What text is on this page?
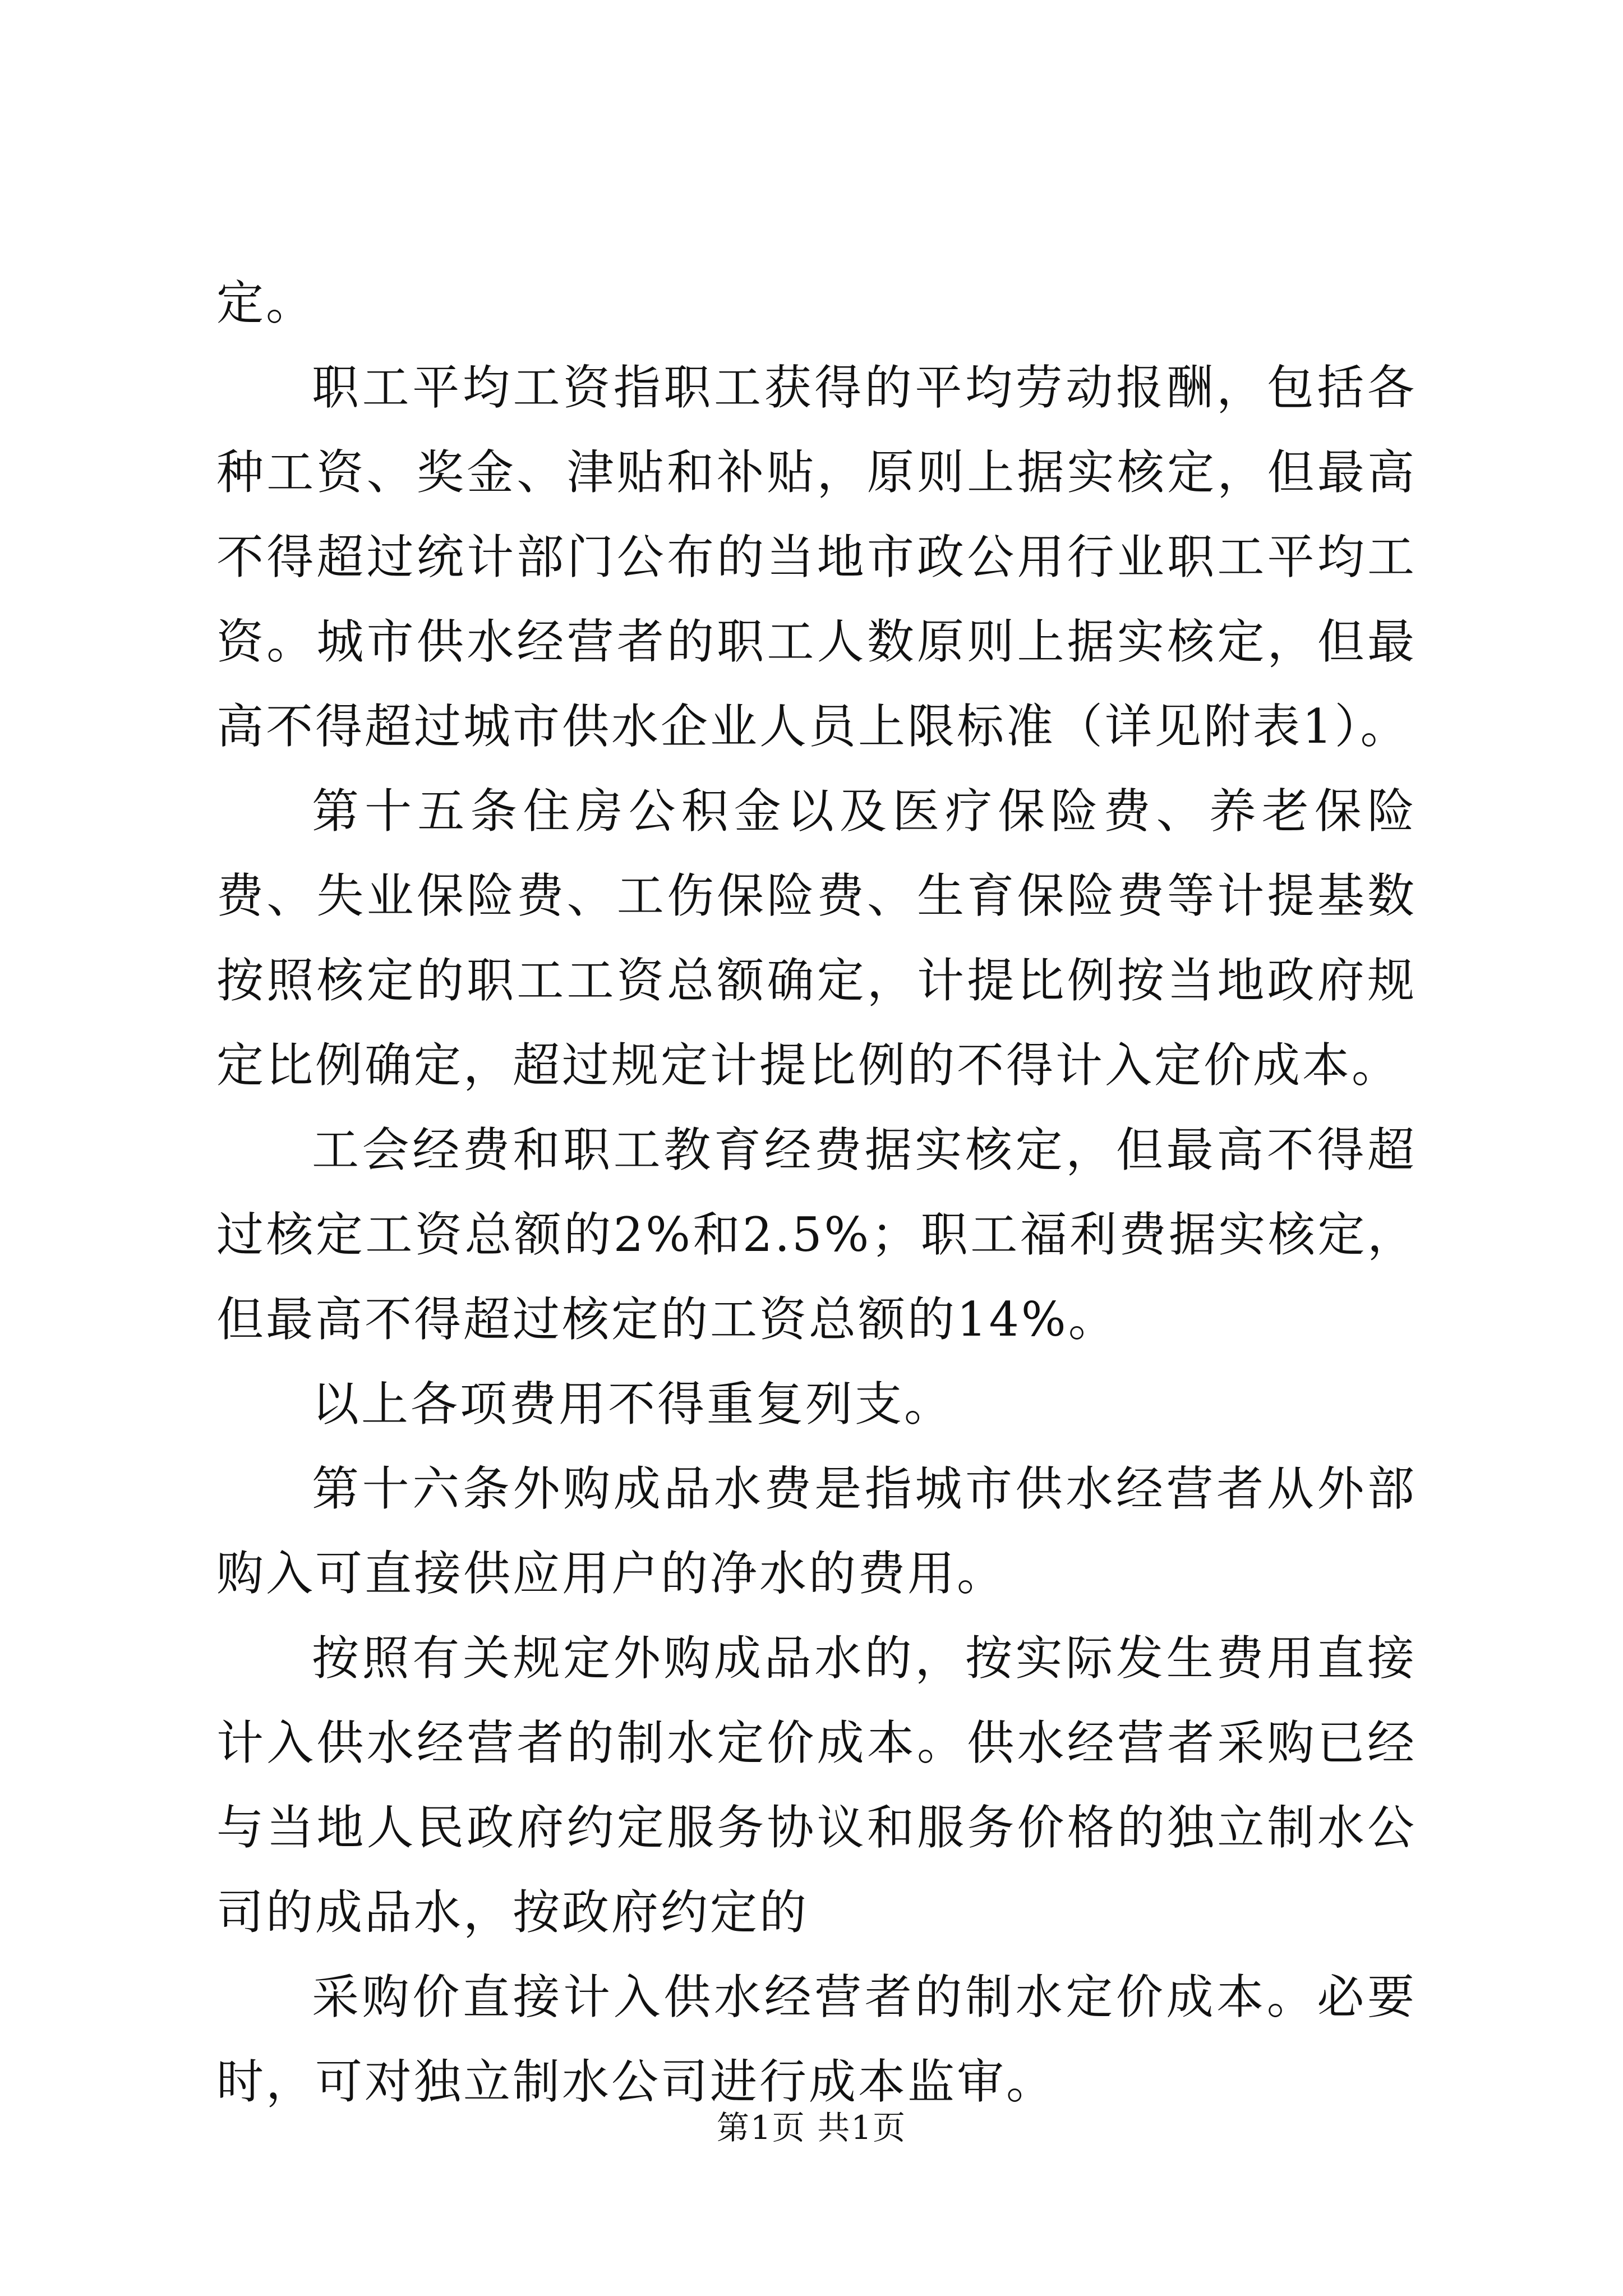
定。

职工平均工资指职工获得的平均劳动报酬，包括各种工资、奖金、津贴和补贴，原则上据实核定，但最高不得超过统计部门公布的当地市政公用行业职工平均工资。城市供水经营者的职工人数原则上据实核定，但最高不得超过城市供水企业人员上限标准（详见附表1）。

第十五条住房公积金以及医疗保险费、养老保险费、失业保险费、工伤保险费、生育保险费等计提基数按照核定的职工工资总额确定，计提比例按当地政府规定比例确定，超过规定计提比例的不得计入定价成本。

工会经费和职工教育经费据实核定，但最高不得超过核定工资总额的2%和2.5%；职工福利费据实核定，但最高不得超过核定的工资总额的14%。

以上各项费用不得重复列支。

第十六条外购成品水费是指城市供水经营者从外部购入可直接供应用户的净水的费用。

按照有关规定外购成品水的，按实际发生费用直接计入供水经营者的制水定价成本。供水经营者采购已经与当地人民政府约定服务协议和服务价格的独立制水公司的成品水，按政府约定的

采购价直接计入供水经营者的制水定价成本。必要时，可对独立制水公司进行成本监审。

第1页 共1页
